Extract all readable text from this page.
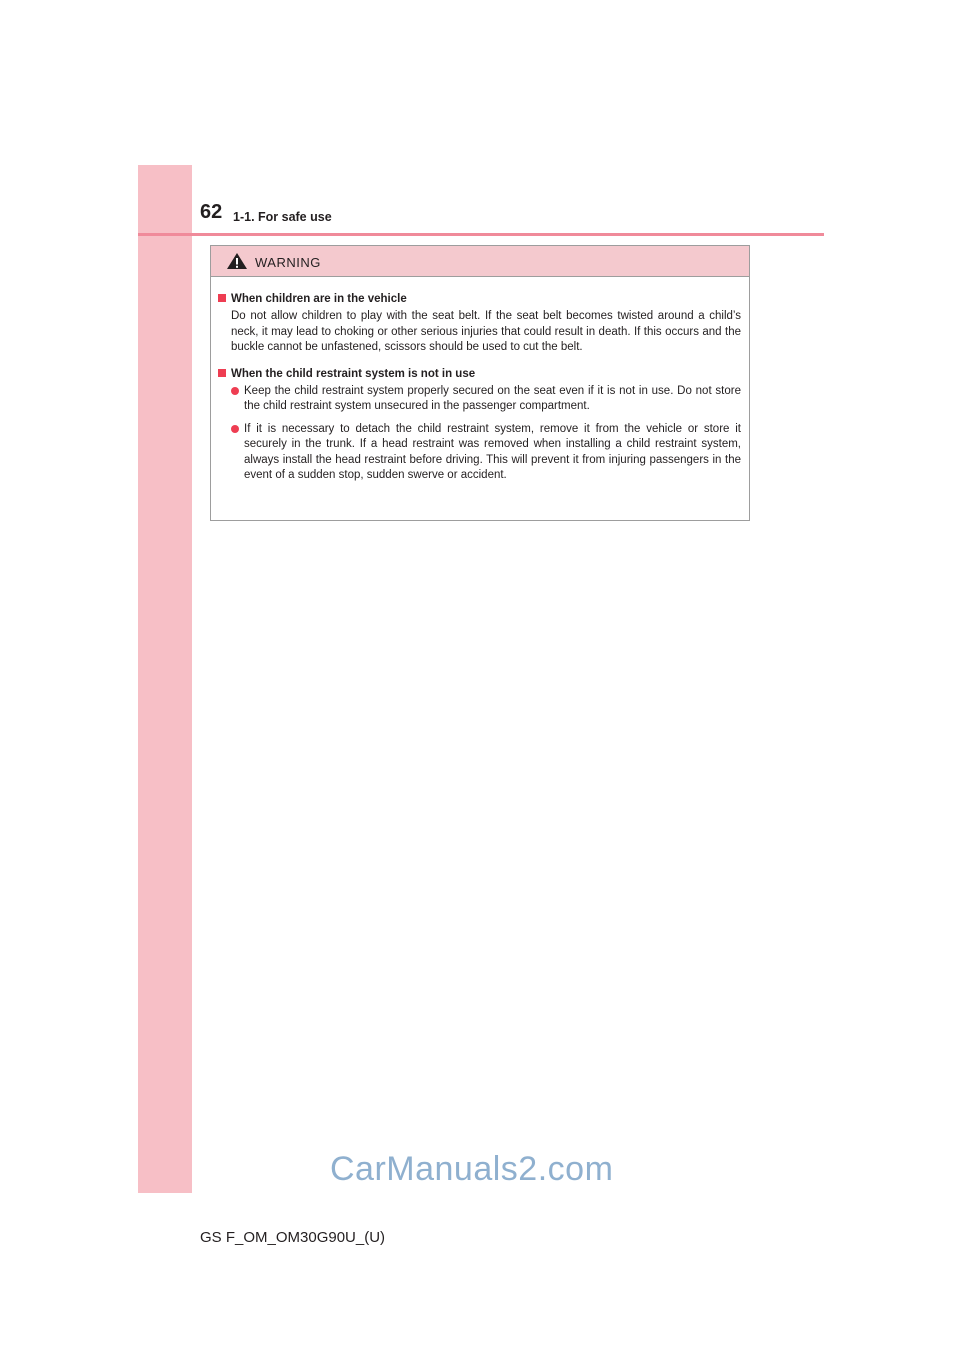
62 1-1. For safe use
WARNING
When children are in the vehicle
Do not allow children to play with the seat belt. If the seat belt becomes twisted around a child’s neck, it may lead to choking or other serious injuries that could result in death. If this occurs and the buckle cannot be unfastened, scissors should be used to cut the belt.
When the child restraint system is not in use
Keep the child restraint system properly secured on the seat even if it is not in use. Do not store the child restraint system unsecured in the passenger compartment.
If it is necessary to detach the child restraint system, remove it from the vehicle or store it securely in the trunk. If a head restraint was removed when installing a child restraint system, always install the head restraint before driving. This will prevent it from injuring passengers in the event of a sudden stop, sudden swerve or accident.
CarManuals2.com
GS F_OM_OM30G90U_(U)
